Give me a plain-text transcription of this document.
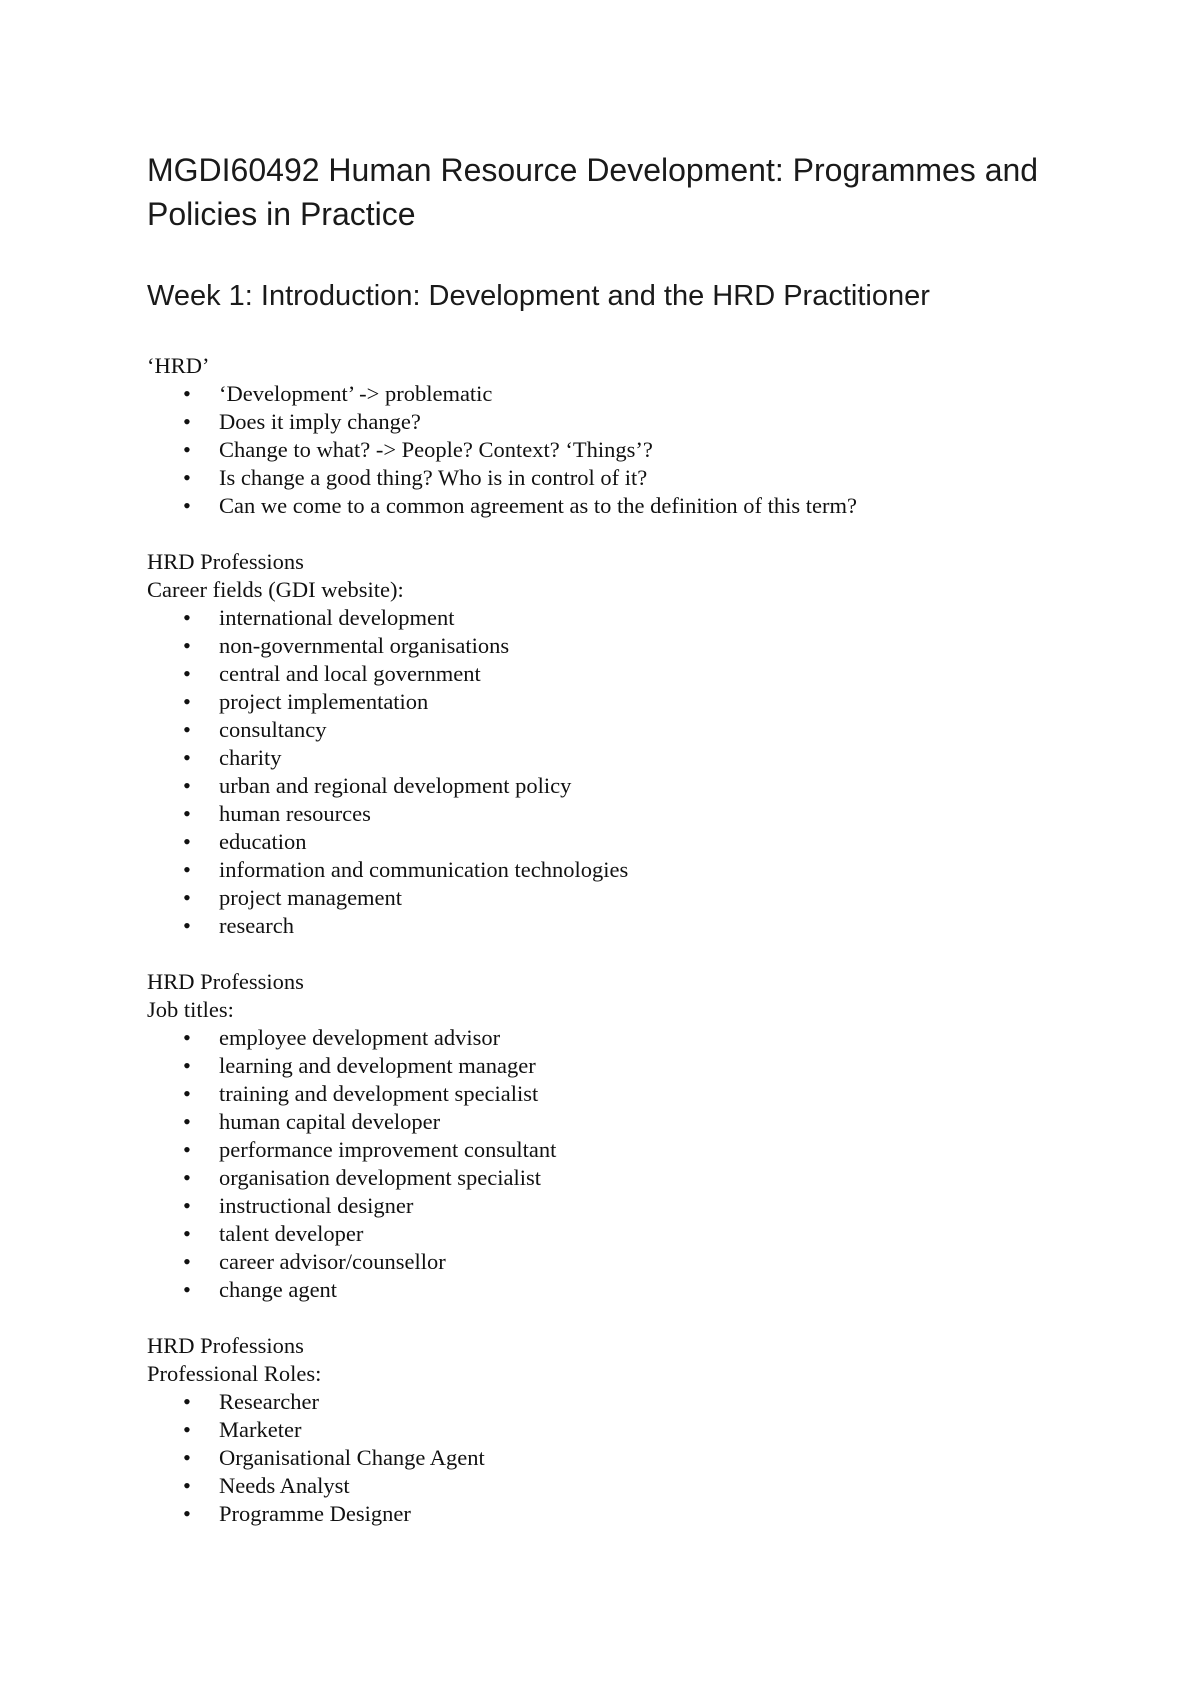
MGDI60492 Human Resource Development: Programmes and Policies in Practice
Week 1: Introduction: Development and the HRD Practitioner

‘HRD’

•	‘Development’ -> problematic
•	Does it imply change?
•	Change to what? -> People? Context? ‘Things’?
•	Is change a good thing? Who is in control of it?
•	Can we come to a common agreement as to the definition of this term?

HRD Professions

Career fields (GDI website):

•	international development
•	non-governmental organisations
•	central and local government
•	project implementation
•	consultancy
•	charity
•	urban and regional development policy
•	human resources
•	education
•	information and communication technologies
•	project management
•	research

HRD Professions

Job titles:

•	employee development advisor
•	learning and development manager
•	training and development specialist
•	human capital developer
•	performance improvement consultant
•	organisation development specialist
•	instructional designer
•	talent developer
•	career advisor/counsellor
•	change agent

HRD Professions

Professional Roles:

•	Researcher
•	Marketer
•	Organisational Change Agent
•	Needs Analyst
•	Programme Designer
